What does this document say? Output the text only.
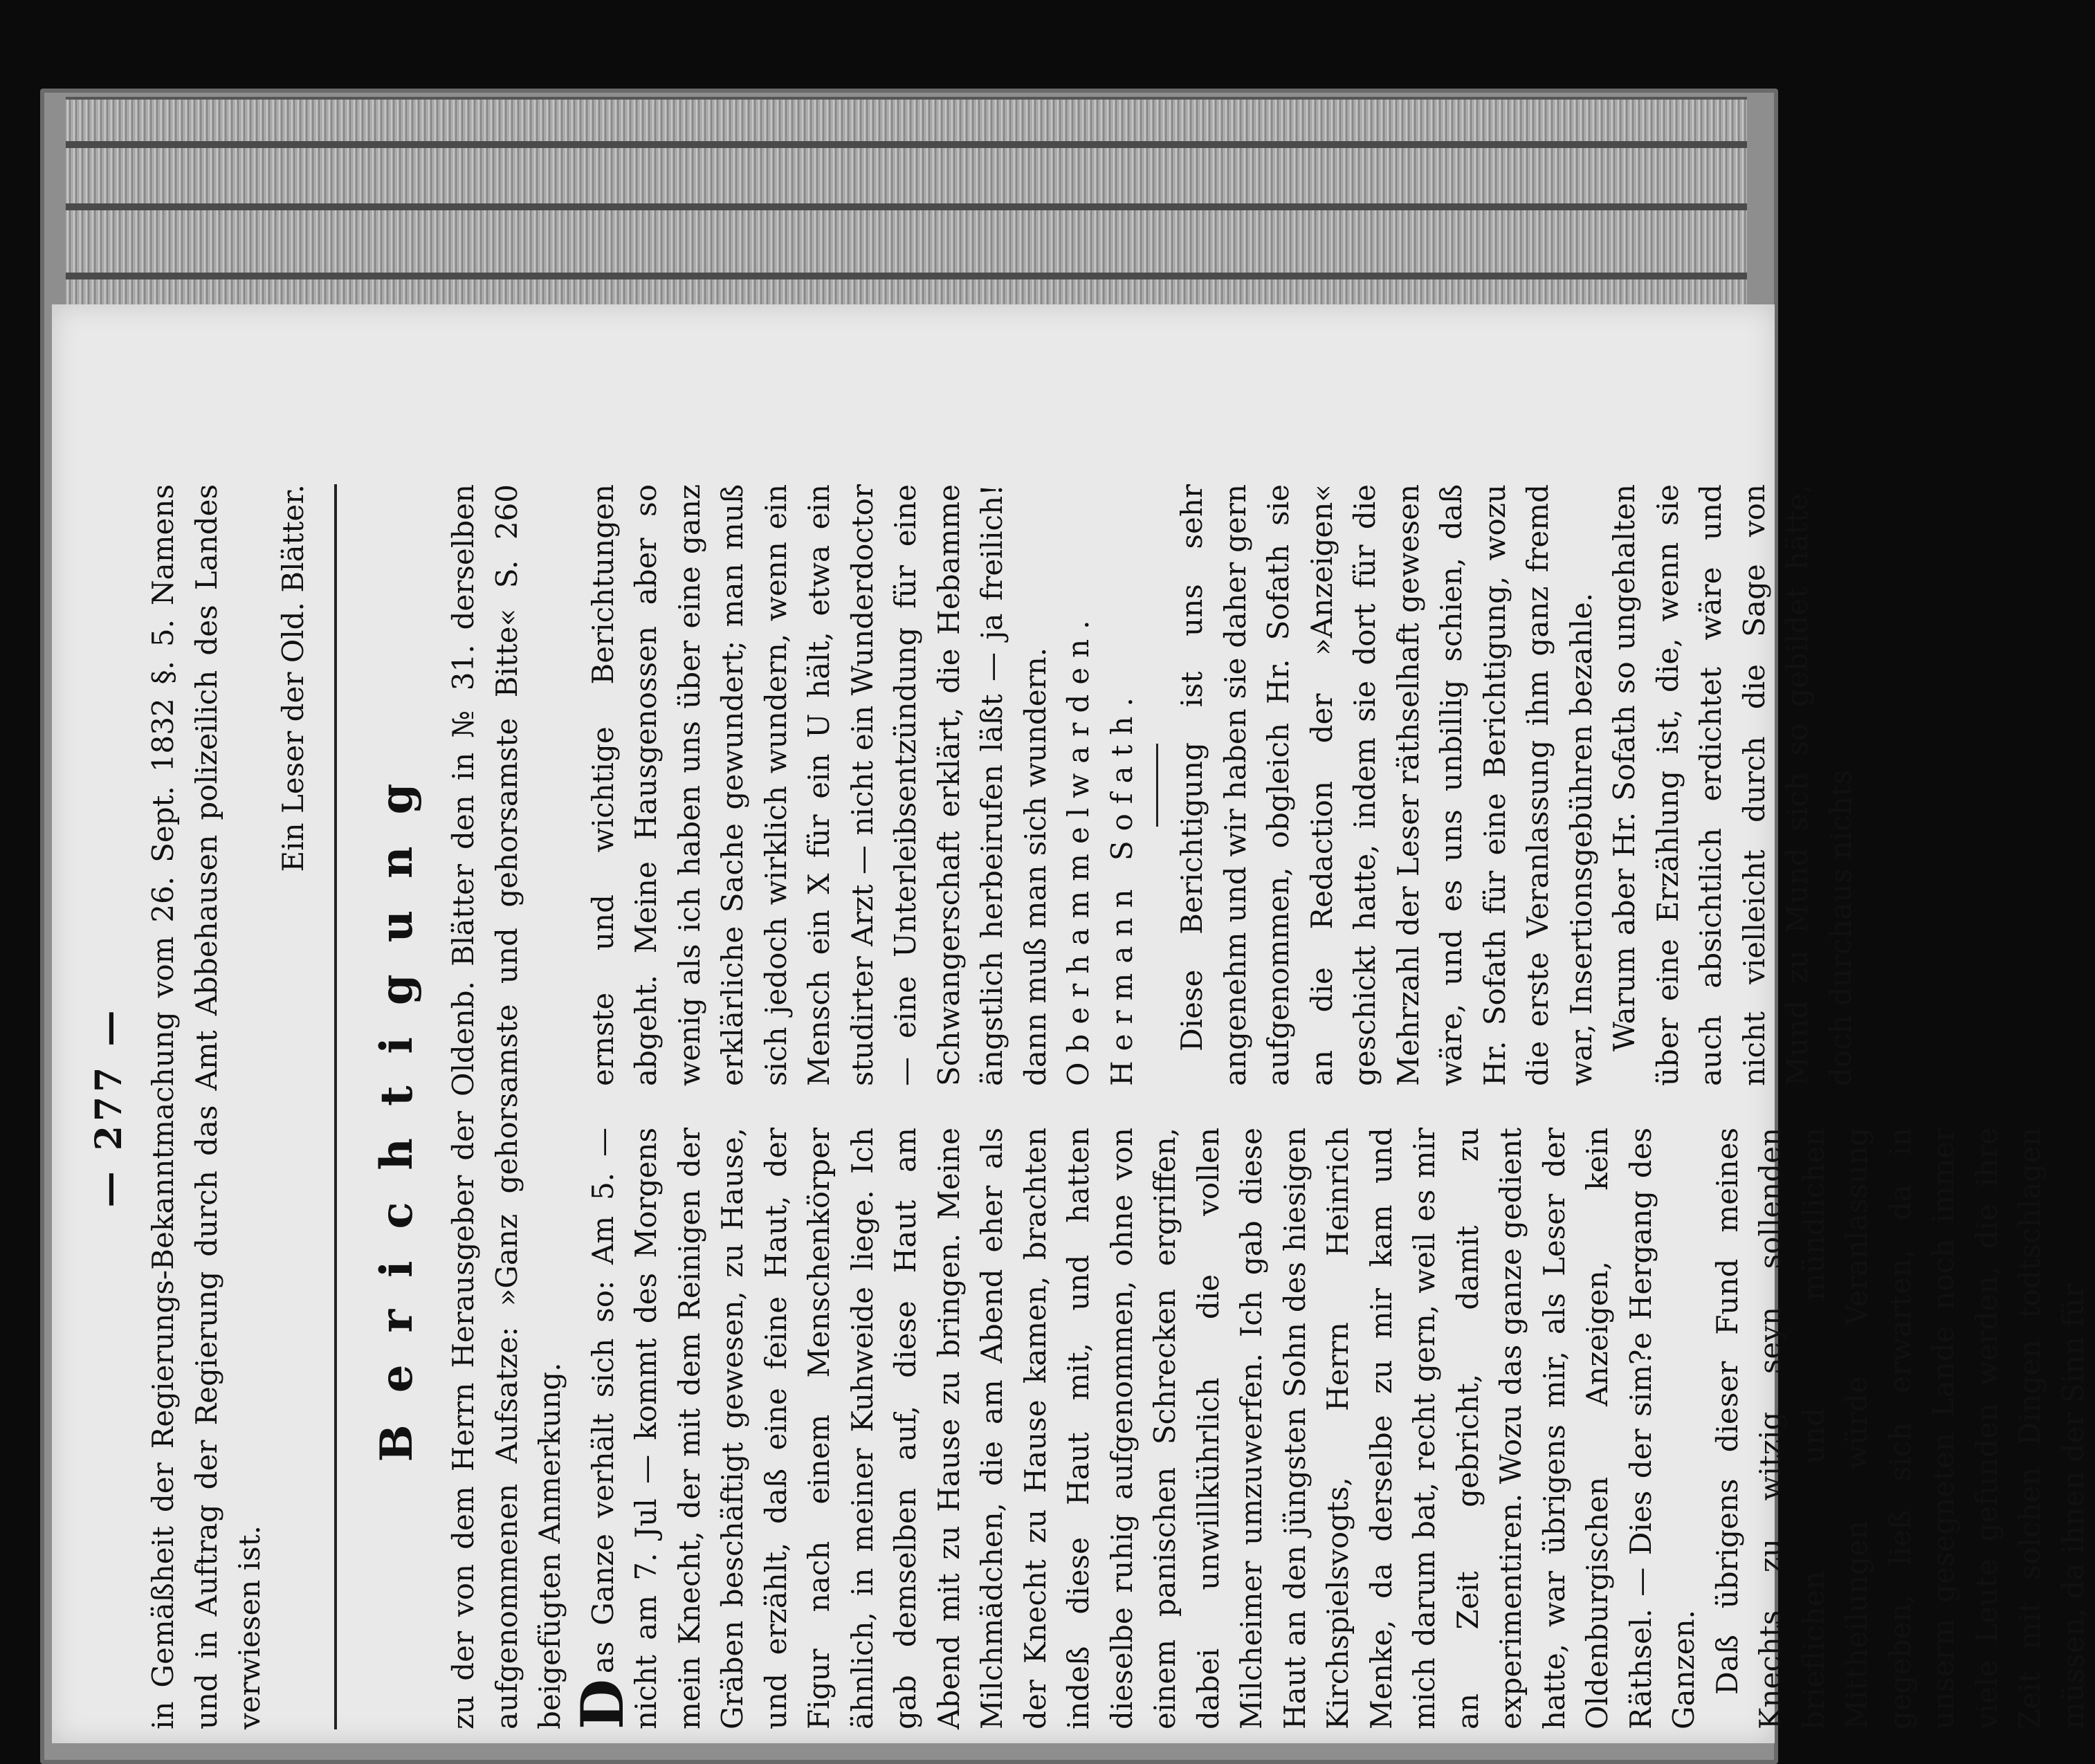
— 277 — in Gemäßheit der Regierungs-Bekanntmachung vom 26. Sept. 1832 §. 5. Namens und in Auftrag der Regierung durch das Amt Abbehausen polizeilich des Landes verwiesen ist.

Ein Leser der Old. Blätter.

Berichtigung zu der von dem Herrn Herausgeber der Oldenb. Blätter den in № 31. derselben aufgenommenen Aufsatze: »Ganz gehorsamste und gehorsamste Bitte« S. 260 beigefügten Anmerkung. D
as Ganze verhält sich so: Am 5. — nicht am 7. Jul — kommt des Morgens mein Knecht, der mit dem Reinigen der Gräben beschäftigt gewesen, zu Hause, und erzählt, daß eine feine Haut, der Figur nach einem Menschenkörper ähnlich, in meiner Kuhweide liege. Ich gab demselben auf, diese Haut am Abend mit zu Hause zu bringen. Meine Milchmädchen, die am Abend eher als der Knecht zu Hause kamen, brachten indeß diese Haut mit, und hatten dieselbe ruhig aufgenommen, ohne von einem panischen Schrecken ergriffen, dabei unwillkührlich die vollen Milcheimer umzuwerfen. Ich gab diese Haut an den jüngsten Sohn des hiesigen Kirchspielsvogts, Herrn Heinrich Menke, da derselbe zu mir kam und mich darum bat, recht gern, weil es mir an Zeit gebricht, damit zu experimentiren. Wozu das ganze gedient hatte, war übrigens mir, als Leser der Oldenburgischen Anzeigen, kein Räthsel. — Dies der sim?e Hergang des Ganzen. Daß übrigens dieser Fund meines Knechts zu witzig seyn sollenden brieflichen und mündlichen Mittheilungen würde Veranlassung gegeben, ließ sich erwarten, da in unserm gesegneten Lande noch immer viele Leute gefunden werden, die ihre Zeit mit solchen Dingen todtschlagen müssen, da ihnen der Sinn für

ernste und wichtige Berichtungen abgeht. Meine Hausgenossen aber so wenig als ich haben uns über eine ganz erklärliche Sache gewundert; man muß sich jedoch wirklich wundern, wenn ein Mensch ein X für ein U hält, etwa ein studirter Arzt — nicht ein Wunderdoctor — eine Unterleibsentzündung für eine Schwangerschaft erklärt, die Hebamme ängstlich herbeirufen läßt — ja freilich! dann muß man sich wundern. Oberhammelwarden. Hermann Sofath. Diese Berichtigung ist uns sehr angenehm und wir haben sie daher gern aufgenommen, obgleich Hr. Sofath sie an die Redaction der »Anzeigen« geschickt hatte, indem sie dort für die Mehrzahl der Leser räthselhaft gewesen wäre, und es uns unbillig schien, daß Hr. Sofath für eine Berichtigung, wozu die erste Veranlassung ihm ganz fremd war, Insertionsgebühren bezahle. Warum aber Hr. Sofath so ungehalten über eine Erzählung ist, die, wenn sie auch absichtlich erdichtet wäre und nicht vielleicht durch die Sage von Mund zu Mund sich so gebildet hätte, doch durchaus nichts
